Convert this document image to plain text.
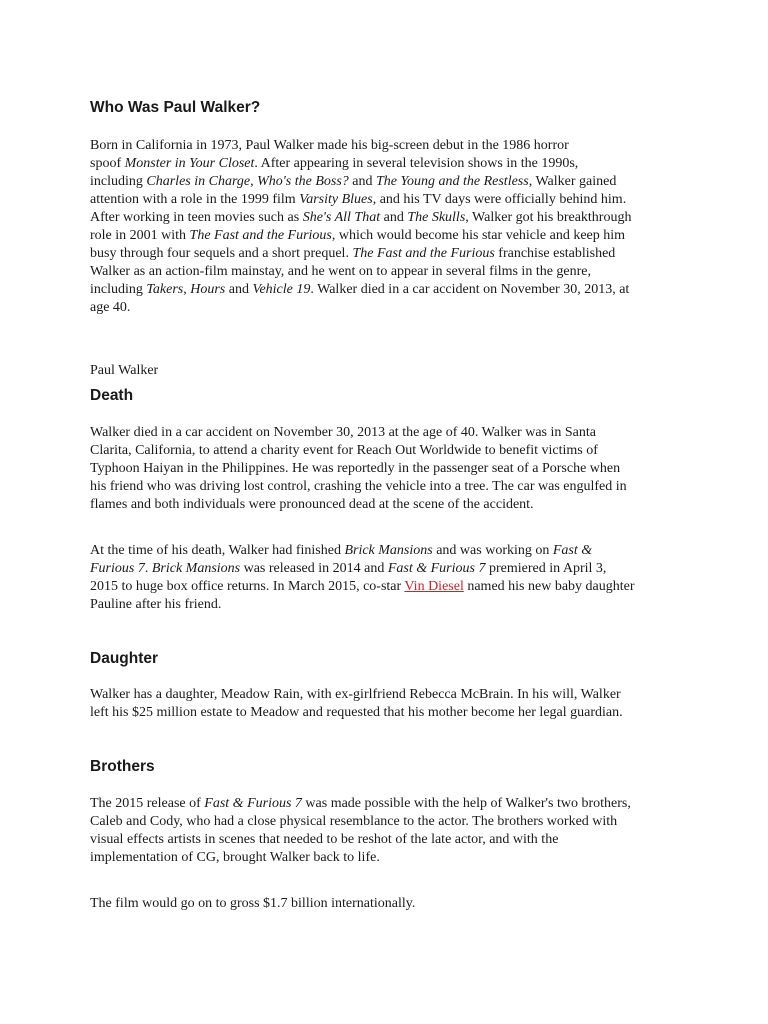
Who Was Paul Walker?
Born in California in 1973, Paul Walker made his big-screen debut in the 1986 horror
spoof Monster in Your Closet. After appearing in several television shows in the 1990s,
including Charles in Charge, Who's the Boss? and The Young and the Restless, Walker gained
attention with a role in the 1999 film Varsity Blues, and his TV days were officially behind him.
After working in teen movies such as She's All That and The Skulls, Walker got his breakthrough
role in 2001 with The Fast and the Furious, which would become his star vehicle and keep him
busy through four sequels and a short prequel. The Fast and the Furious franchise established
Walker as an action-film mainstay, and he went on to appear in several films in the genre,
including Takers, Hours and Vehicle 19. Walker died in a car accident on November 30, 2013, at
age 40.
Paul Walker
Death
Walker died in a car accident on November 30, 2013 at the age of 40. Walker was in Santa
Clarita, California, to attend a charity event for Reach Out Worldwide to benefit victims of
Typhoon Haiyan in the Philippines. He was reportedly in the passenger seat of a Porsche when
his friend who was driving lost control, crashing the vehicle into a tree. The car was engulfed in
flames and both individuals were pronounced dead at the scene of the accident.
At the time of his death, Walker had finished Brick Mansions and was working on Fast &
Furious 7. Brick Mansions was released in 2014 and Fast & Furious 7 premiered in April 3,
2015 to huge box office returns. In March 2015, co-star Vin Diesel named his new baby daughter
Pauline after his friend.
Daughter
Walker has a daughter, Meadow Rain, with ex-girlfriend Rebecca McBrain. In his will, Walker
left his $25 million estate to Meadow and requested that his mother become her legal guardian.
Brothers
The 2015 release of Fast & Furious 7 was made possible with the help of Walker's two brothers,
Caleb and Cody, who had a close physical resemblance to the actor. The brothers worked with
visual effects artists in scenes that needed to be reshot of the late actor, and with the
implementation of CG, brought Walker back to life.
The film would go on to gross $1.7 billion internationally.
